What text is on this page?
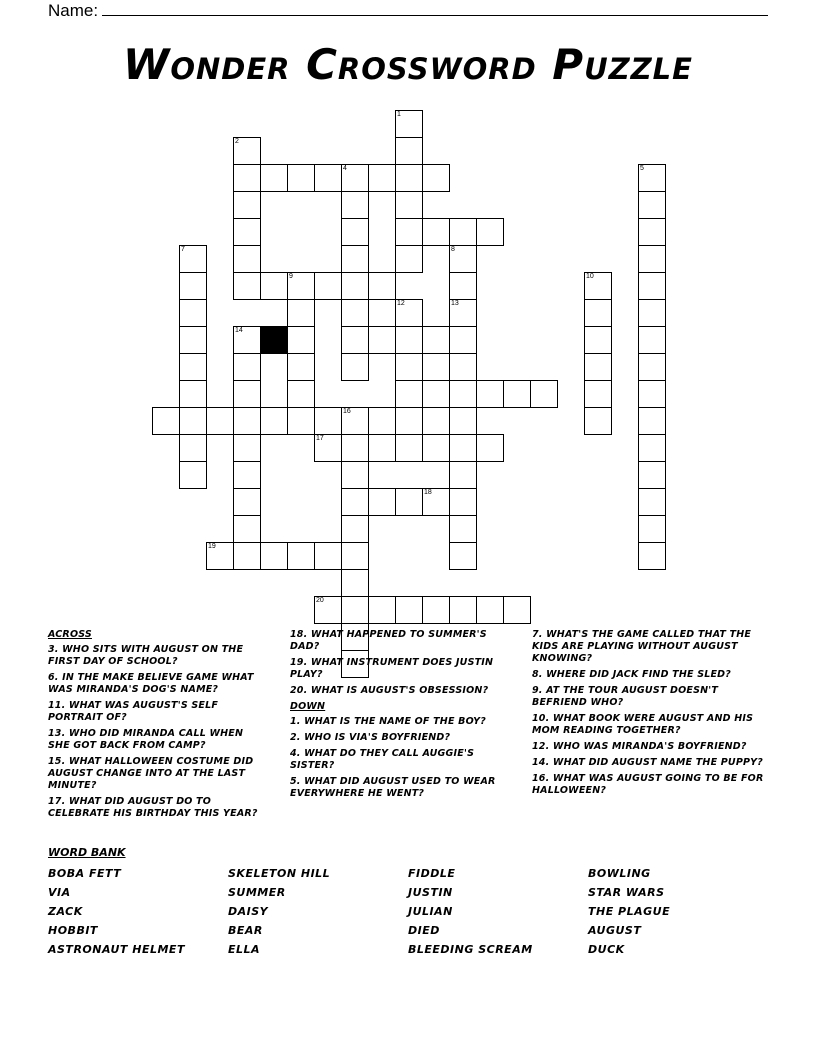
Name:
Wonder Crossword Puzzle
4
9
16
17
18
19
20
1
2
5
7	8
13
10
12
14
ACROSS
3. WHO SITS WITH AUGUST ON THE FIRST DAY OF SCHOOL?
6. IN THE MAKE BELIEVE GAME WHAT WAS MIRANDA'S DOG'S NAME?
11. WHAT WAS AUGUST'S SELF PORTRAIT OF?
13. WHO DID MIRANDA CALL WHEN SHE GOT BACK FROM CAMP?
15. WHAT HALLOWEEN COSTUME DID AUGUST CHANGE INTO AT THE LAST MINUTE?
17. WHAT DID AUGUST DO TO CELEBRATE HIS BIRTHDAY THIS YEAR?
18. WHAT HAPPENED TO SUMMER'S DAD?
19. WHAT INSTRUMENT DOES JUSTIN PLAY?
20. WHAT IS AUGUST'S OBSESSION?
DOWN
1. WHAT IS THE NAME OF THE BOY?
2. WHO IS VIA'S BOYFRIEND?
4. WHAT DO THEY CALL AUGGIE'S SISTER?
5. WHAT DID AUGUST USED TO WEAR EVERYWHERE HE WENT?
7. WHAT'S THE GAME CALLED THAT THE KIDS ARE PLAYING WITHOUT AUGUST KNOWING?
8. WHERE DID JACK FIND THE SLED?
9. AT THE TOUR AUGUST DOESN'T BEFRIEND WHO?
10. WHAT BOOK WERE AUGUST AND HIS MOM READING TOGETHER?
12. WHO WAS MIRANDA'S BOYFRIEND?
14. WHAT DID AUGUST NAME THE PUPPY?
16. WHAT WAS AUGUST GOING TO BE FOR HALLOWEEN?
WORD BANK
BOBA FETT
VIA
ZACK
HOBBIT
ASTRONAUT HELMET
SKELETON HILL
SUMMER
DAISY
BEAR
ELLA
FIDDLE
JUSTIN
JULIAN
DIED
BLEEDING SCREAM
BOWLING
STAR WARS
THE PLAGUE
AUGUST
DUCK
